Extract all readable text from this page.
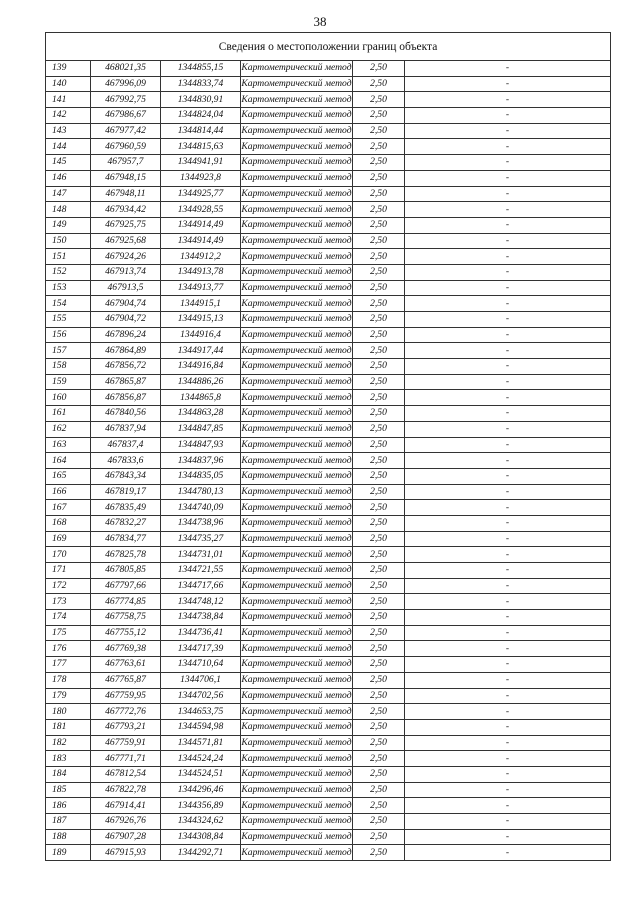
38
Сведения о местоположении границ объекта					
139	468021,35	1344855,15	Картометрический метод	2,50	-
140	467996,09	1344833,74	Картометрический метод	2,50	-
141	467992,75	1344830,91	Картометрический метод	2,50	-
142	467986,67	1344824,04	Картометрический метод	2,50	-
143	467977,42	1344814,44	Картометрический метод	2,50	-
144	467960,59	1344815,63	Картометрический метод	2,50	-
145	467957,7	1344941,91	Картометрический метод	2,50	-
146	467948,15	1344923,8	Картометрический метод	2,50	-
147	467948,11	1344925,77	Картометрический метод	2,50	-
148	467934,42	1344928,55	Картометрический метод	2,50	-
149	467925,75	1344914,49	Картометрический метод	2,50	-
150	467925,68	1344914,49	Картометрический метод	2,50	-
151	467924,26	1344912,2	Картометрический метод	2,50	-
152	467913,74	1344913,78	Картометрический метод	2,50	-
153	467913,5	1344913,77	Картометрический метод	2,50	-
154	467904,74	1344915,1	Картометрический метод	2,50	-
155	467904,72	1344915,13	Картометрический метод	2,50	-
156	467896,24	1344916,4	Картометрический метод	2,50	-
157	467864,89	1344917,44	Картометрический метод	2,50	-
158	467856,72	1344916,84	Картометрический метод	2,50	-
159	467865,87	1344886,26	Картометрический метод	2,50	-
160	467856,87	1344865,8	Картометрический метод	2,50	-
161	467840,56	1344863,28	Картометрический метод	2,50	-
162	467837,94	1344847,85	Картометрический метод	2,50	-
163	467837,4	1344847,93	Картометрический метод	2,50	-
164	467833,6	1344837,96	Картометрический метод	2,50	-
165	467843,34	1344835,05	Картометрический метод	2,50	-
166	467819,17	1344780,13	Картометрический метод	2,50	-
167	467835,49	1344740,09	Картометрический метод	2,50	-
168	467832,27	1344738,96	Картометрический метод	2,50	-
169	467834,77	1344735,27	Картометрический метод	2,50	-
170	467825,78	1344731,01	Картометрический метод	2,50	-
171	467805,85	1344721,55	Картометрический метод	2,50	-
172	467797,66	1344717,66	Картометрический метод	2,50	-
173	467774,85	1344748,12	Картометрический метод	2,50	-
174	467758,75	1344738,84	Картометрический метод	2,50	-
175	467755,12	1344736,41	Картометрический метод	2,50	-
176	467769,38	1344717,39	Картометрический метод	2,50	-
177	467763,61	1344710,64	Картометрический метод	2,50	-
178	467765,87	1344706,1	Картометрический метод	2,50	-
179	467759,95	1344702,56	Картометрический метод	2,50	-
180	467772,76	1344653,75	Картометрический метод	2,50	-
181	467793,21	1344594,98	Картометрический метод	2,50	-
182	467759,91	1344571,81	Картометрический метод	2,50	-
183	467771,71	1344524,24	Картометрический метод	2,50	-
184	467812,54	1344524,51	Картометрический метод	2,50	-
185	467822,78	1344296,46	Картометрический метод	2,50	-
186	467914,41	1344356,89	Картометрический метод	2,50	-
187	467926,76	1344324,62	Картометрический метод	2,50	-
188	467907,28	1344308,84	Картометрический метод	2,50	-
189	467915,93	1344292,71	Картометрический метод	2,50	-
